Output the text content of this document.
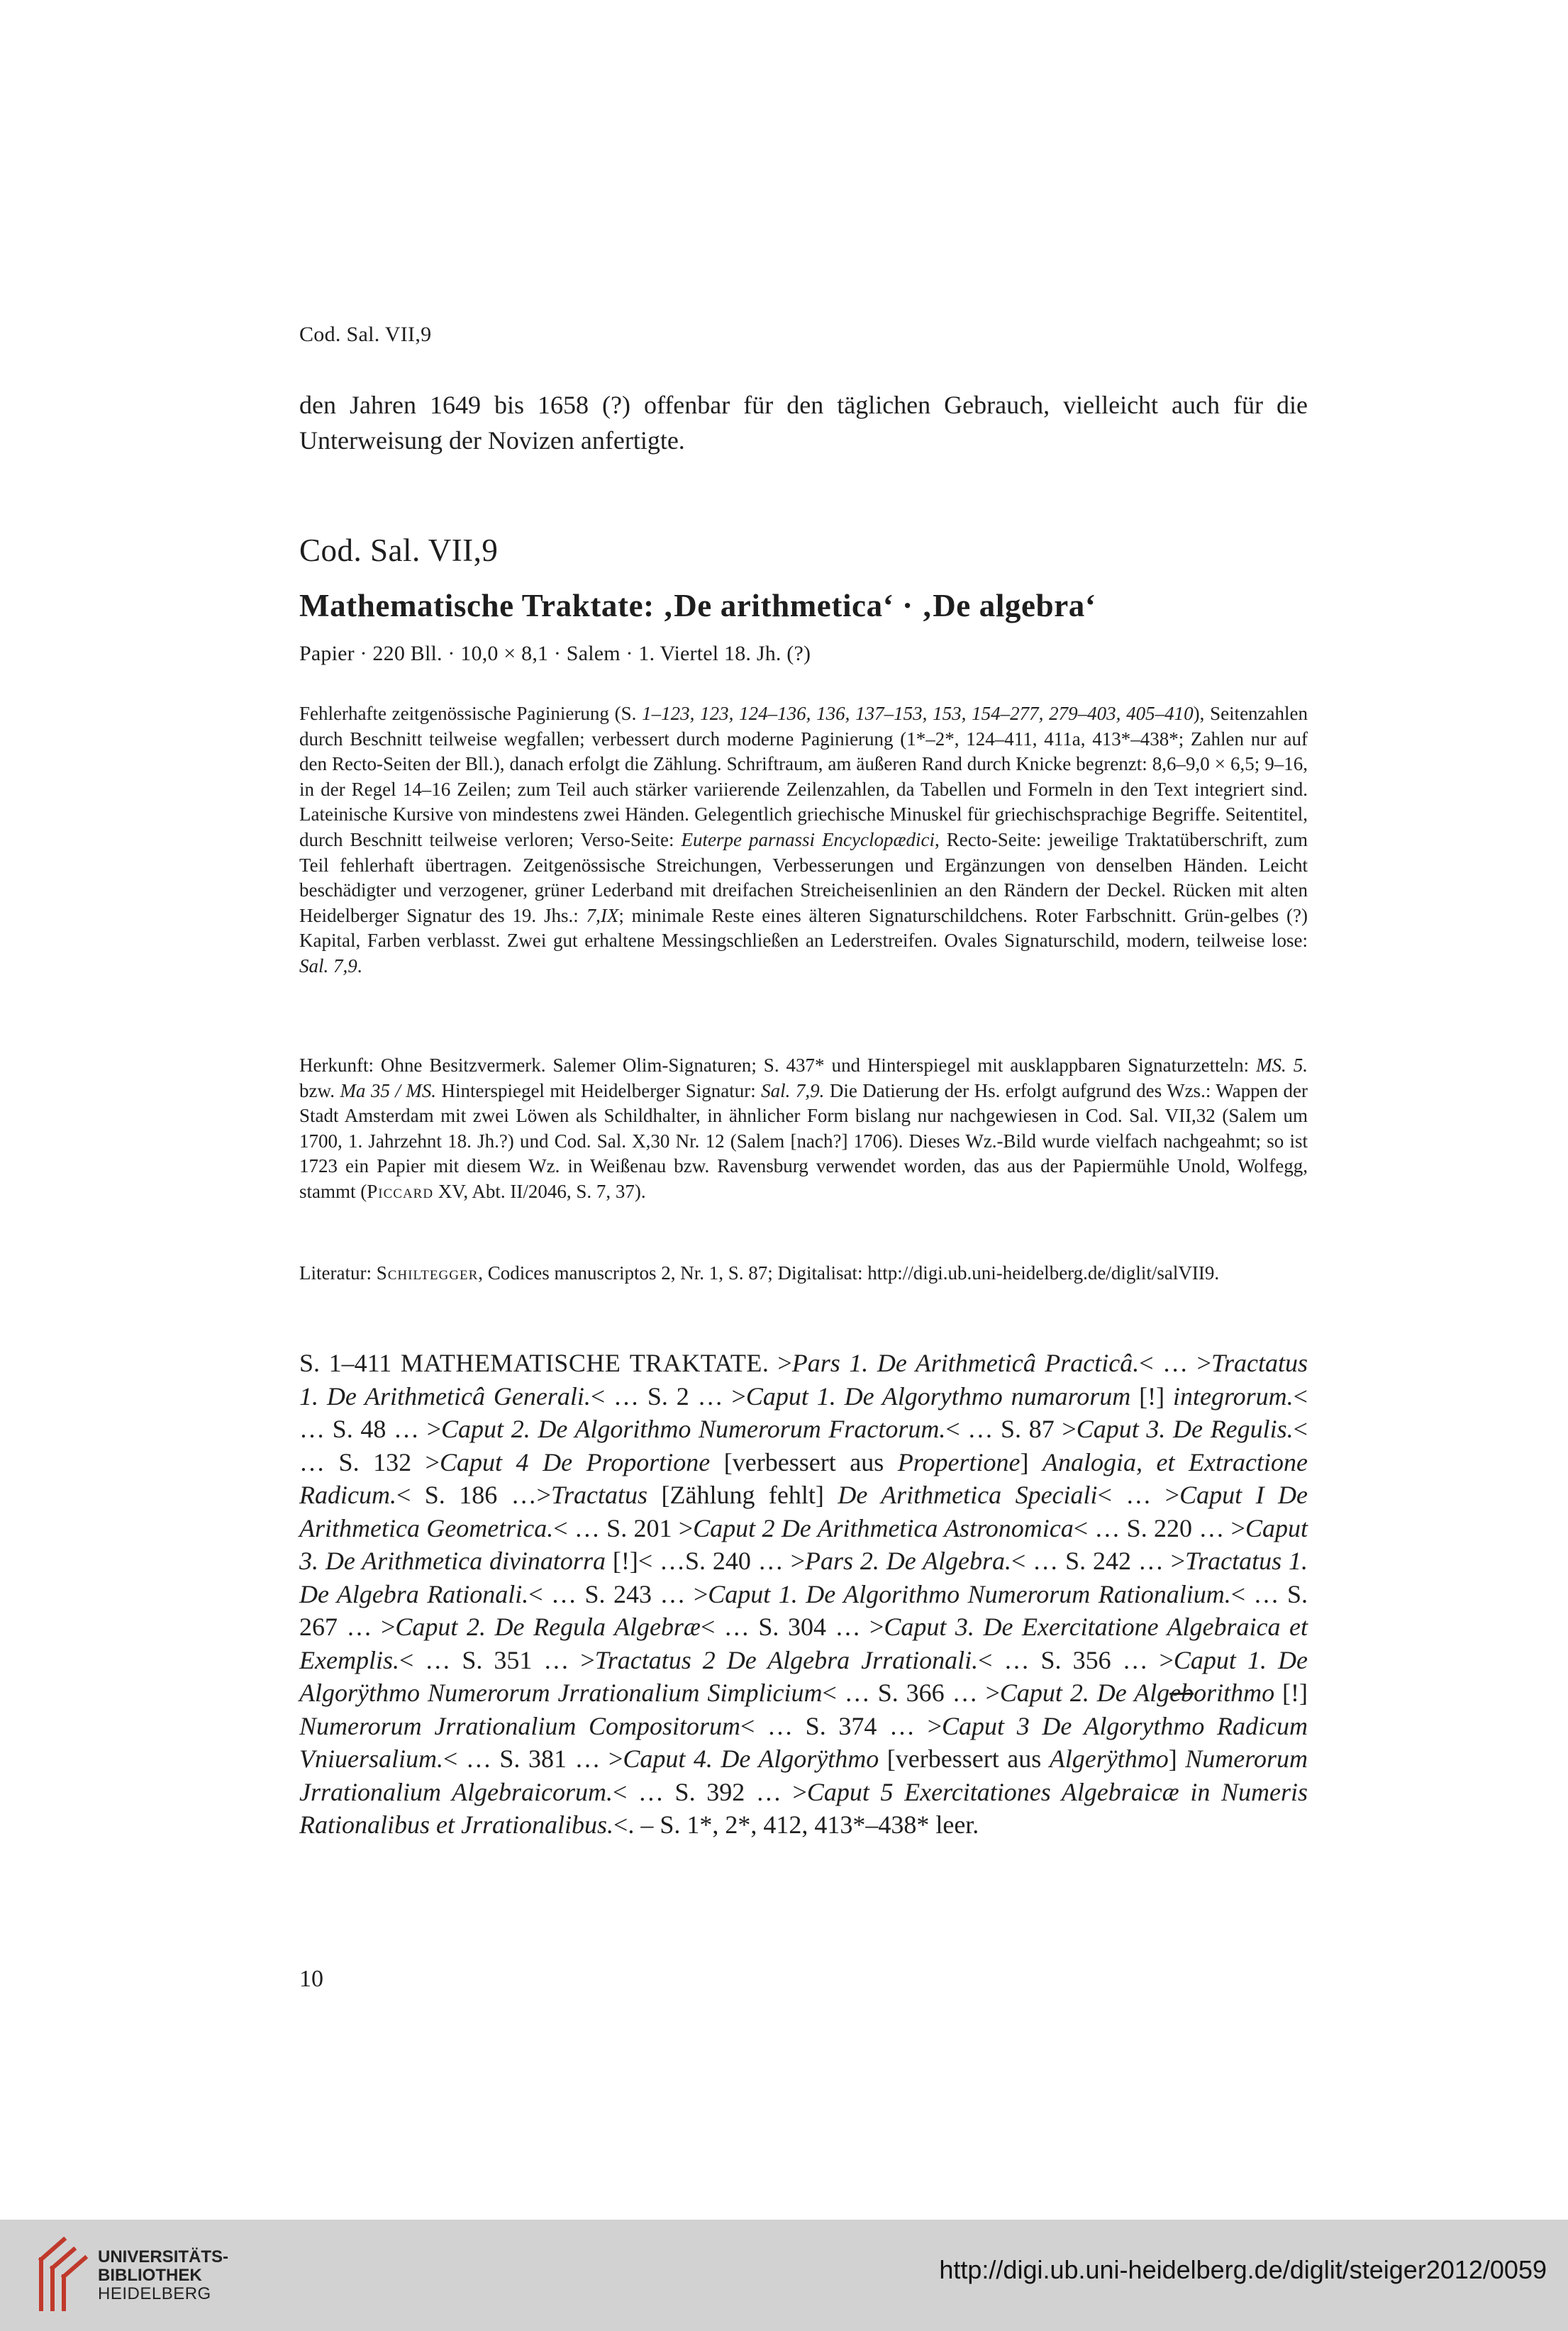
Cod. Sal. VII,9
den Jahren 1649 bis 1658 (?) offenbar für den täglichen Gebrauch, vielleicht auch für die Unterweisung der Novizen anfertigte.
Cod. Sal. VII,9
Mathematische Traktate: ‚De arithmetica‘ · ‚De algebra‘
Papier · 220 Bll. · 10,0 × 8,1 · Salem · 1. Viertel 18. Jh. (?)
Fehlerhafte zeitgenössische Paginierung (S. 1–123, 123, 124–136, 136, 137–153, 153, 154–277, 279–403, 405–410), Seitenzahlen durch Beschnitt teilweise wegfallen; verbessert durch moderne Paginierung (1*–2*, 124–411, 411a, 413*–438*; Zahlen nur auf den Recto-Seiten der Bll.), danach erfolgt die Zählung. Schriftraum, am äußeren Rand durch Knicke begrenzt: 8,6–9,0 × 6,5; 9–16, in der Regel 14–16 Zeilen; zum Teil auch stärker variierende Zeilenzahlen, da Tabellen und Formeln in den Text integriert sind. Lateinische Kursive von mindestens zwei Händen. Gelegentlich griechische Minuskel für griechischsprachige Begriffe. Seitentitel, durch Beschnitt teilweise verloren; Verso-Seite: Euterpe parnassi Encyclopædici, Recto-Seite: jeweilige Traktatüberschrift, zum Teil fehlerhaft übertragen. Zeitgenössische Streichungen, Verbesserungen und Ergänzungen von denselben Händen. Leicht beschädigter und verzogener, grüner Lederband mit dreifachen Streicheisenlinien an den Rändern der Deckel. Rücken mit alten Heidelberger Signatur des 19. Jhs.: 7,IX; minimale Reste eines älteren Signaturschildchens. Roter Farbschnitt. Grün-gelbes (?) Kapital, Farben verblasst. Zwei gut erhaltene Messingschließen an Lederstreifen. Ovales Signaturschild, modern, teilweise lose: Sal. 7,9.
Herkunft: Ohne Besitzvermerk. Salemer Olim-Signaturen; S. 437* und Hinterspiegel mit ausklappbaren Signaturzetteln: MS. 5. bzw. Ma 35 / MS. Hinterspiegel mit Heidelberger Signatur: Sal. 7,9. Die Datierung der Hs. erfolgt aufgrund des Wzs.: Wappen der Stadt Amsterdam mit zwei Löwen als Schildhalter, in ähnlicher Form bislang nur nachgewiesen in Cod. Sal. VII,32 (Salem um 1700, 1. Jahrzehnt 18. Jh.?) und Cod. Sal. X,30 Nr. 12 (Salem [nach?] 1706). Dieses Wz.-Bild wurde vielfach nachgeahmt; so ist 1723 ein Papier mit diesem Wz. in Weißenau bzw. Ravensburg verwendet worden, das aus der Papiermühle Unold, Wolfegg, stammt (Piccard XV, Abt. II/2046, S. 7, 37).
Literatur: Schiltegger, Codices manuscriptos 2, Nr. 1, S. 87; Digitalisat: http://digi.ub.uni-heidelberg.de/diglit/salVII9.
S. 1–411 MATHEMATISCHE TRAKTATE. >Pars 1. De Arithmeticâ Practicâ.< … >Tractatus 1. De Arithmeticâ Generali.< … S. 2 … >Caput 1. De Algorythmo numarorum [!] integrorum.< … S. 48 … >Caput 2. De Algorithmo Numerorum Fractorum.< … S. 87 >Caput 3. De Regulis.< … S. 132 >Caput 4 De Proportione [verbessert aus Propertione] Analogia, et Extractione Radicum.< S. 186 …>Tractatus [Zählung fehlt] De Arithmetica Speciali< … >Caput I De Arithmetica Geometrica.< … S. 201 >Caput 2 De Arithmetica Astronomica< … S. 220 … >Caput 3. De Arithmetica divinatorra [!]< …S. 240 … >Pars 2. De Algebra.< … S. 242 … >Tractatus 1. De Algebra Rationali.< … S. 243 … >Caput 1. De Algorithmo Numerorum Rationalium.< … S. 267 … >Caput 2. De Regula Algebræ< … S. 304 … >Caput 3. De Exercitatione Algebraica et Exemplis.< … S. 351 … >Tractatus 2 De Algebra Jrrationali.< … S. 356 … >Caput 1. De Algorÿthmo Numerorum Jrrationalium Simplicium< … S. 366 … >Caput 2. De Algeborithmo [!] Numerorum Jrrationalium Compositorum< … S. 374 … >Caput 3 De Algorythmo Radicum Vniuersalium.< … S. 381 … >Caput 4. De Algorÿthmo [verbessert aus Algerÿthmo] Numerorum Jrrationalium Algebraicorum.< … S. 392 … >Caput 5 Exercitationes Algebraicæ in Numeris Rationalibus et Jrrationalibus.<. – S. 1*, 2*, 412, 413*–438* leer.
10
UNIVERSITÄTS-
BIBLIOTHEK
HEIDELBERG
http://digi.ub.uni-heidelberg.de/diglit/steiger2012/0059
